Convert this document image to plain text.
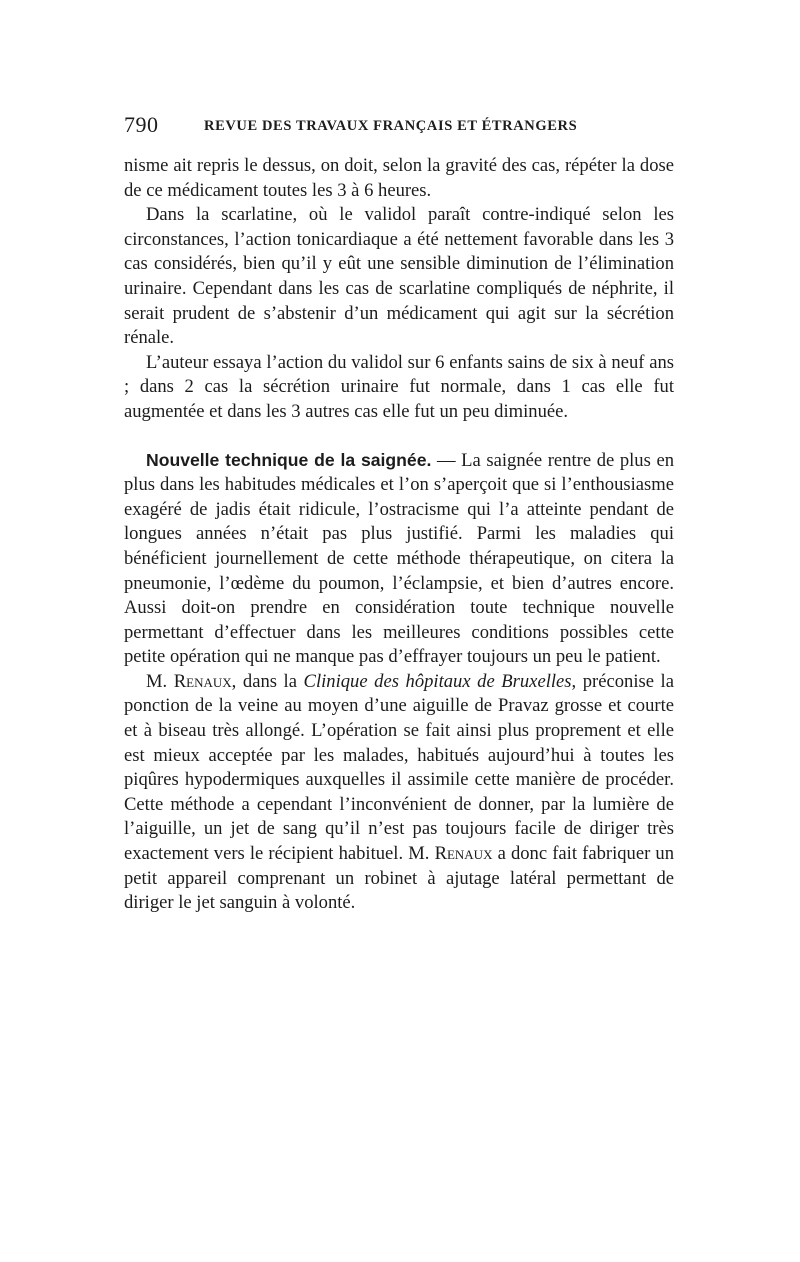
790	REVUE DES TRAVAUX FRANÇAIS ET ÉTRANGERS

nisme ait repris le dessus, on doit, selon la gravité des cas, répéter la dose de ce médicament toutes les 3 à 6 heures.

Dans la scarlatine, où le validol paraît contre-indiqué selon les circonstances, l’action tonicardiaque a été nettement favorable dans les 3 cas considérés, bien qu’il y eût une sensible diminution de l’élimination urinaire. Cependant dans les cas de scarlatine compliqués de néphrite, il serait prudent de s’abstenir d’un médicament qui agit sur la sécrétion rénale.

L’auteur essaya l’action du validol sur 6 enfants sains de six à neuf ans ; dans 2 cas la sécrétion urinaire fut normale, dans 1 cas elle fut augmentée et dans les 3 autres cas elle fut un peu diminuée.

Nouvelle technique de la saignée. — La saignée rentre de plus en plus dans les habitudes médicales et l’on s’aperçoit que si l’enthousiasme exagéré de jadis était ridicule, l’ostracisme qui l’a atteinte pendant de longues années n’était pas plus justifié. Parmi les maladies qui bénéficient journellement de cette méthode thérapeutique, on citera la pneumonie, l’œdème du poumon, l’éclampsie, et bien d’autres encore. Aussi doit-on prendre en considération toute technique nouvelle permettant d’effectuer dans les meilleures conditions possibles cette petite opération qui ne manque pas d’effrayer toujours un peu le patient.

M. Renaux, dans la Clinique des hôpitaux de Bruxelles, préconise la ponction de la veine au moyen d’une aiguille de Pravaz grosse et courte et à biseau très allongé. L’opération se fait ainsi plus proprement et elle est mieux acceptée par les malades, habitués aujourd’hui à toutes les piqûres hypodermiques auxquelles il assimile cette manière de procéder. Cette méthode a cependant l’inconvénient de donner, par la lumière de l’aiguille, un jet de sang qu’il n’est pas toujours facile de diriger très exactement vers le récipient habituel. M. Renaux a donc fait fabriquer un petit appareil comprenant un robinet à ajutage latéral permettant de diriger le jet sanguin à volonté.
